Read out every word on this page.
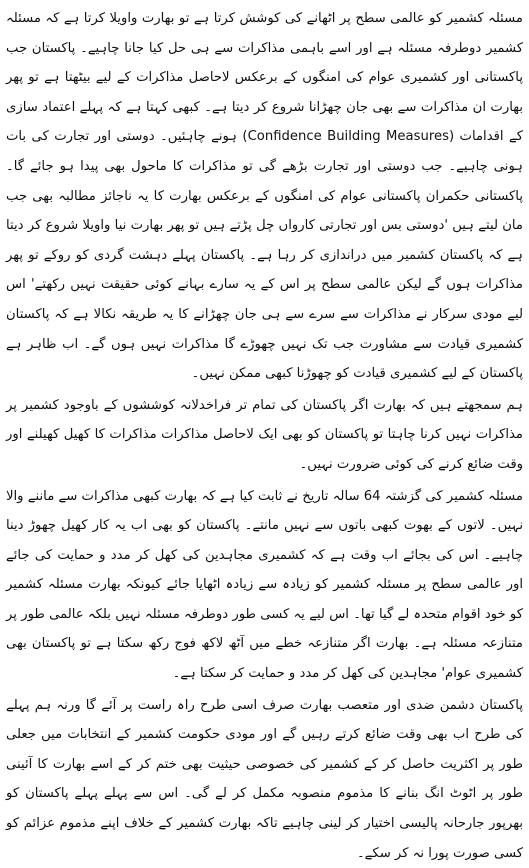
مسئلہ کشمیر کو عالمی سطح پر اٹھانے کی کوشش کرتا ہے تو بھارت واویلا کرتا ہے کہ مسئلہ کشمیر دوطرفہ مسئلہ ہے اور اسے باہمی مذاکرات سے ہی حل کیا جانا چاہیے۔ پاکستان جب پاکستانی اور کشمیری عوام کی امنگوں کے برعکس لاحاصل مذاکرات کے لیے بیٹھتا ہے تو پھر بھارت ان مذاکرات سے بھی جان چھڑانا شروع کر دیتا ہے۔ کبھی کہتا ہے کہ پہلے اعتماد سازی کے اقدامات (Confidence Building Measures) ہونے چاہئیں۔ دوستی اور تجارت کی بات ہونی چاہیے۔ جب دوستی اور تجارت بڑھے گی تو مذاکرات کا ماحول بھی پیدا ہو جائے گا۔ پاکستانی حکمران پاکستانی عوام کی امنگوں کے برعکس بھارت کا یہ ناجائز مطالبہ بھی جب مان لیتے ہیں 'دوستی بس اور تجارتی کارواں چل پڑتے ہیں تو پھر بھارت نیا واویلا شروع کر دیتا ہے کہ پاکستان کشمیر میں دراندازی کر رہا ہے۔ پاکستان پہلے دہشت گردی کو روکے تو پھر مذاکرات ہوں گے لیکن عالمی سطح پر اس کے یہ سارے بہانے کوئی حقیقت نہیں رکھتے' اس لیے مودی سرکار نے مذاکرات سے سرے سے ہی جان چھڑانے کا یہ طریقہ نکالا ہے کہ پاکستان کشمیری قیادت سے مشاورت جب تک نہیں چھوڑے گا مذاکرات نہیں ہوں گے۔ اب ظاہر ہے پاکستان کے لیے کشمیری قیادت کو چھوڑنا کبھی ممکن نہیں۔

ہم سمجھتے ہیں کہ بھارت اگر پاکستان کی تمام تر فراخدلانہ کوششوں کے باوجود کشمیر پر مذاکرات نہیں کرنا چاہتا تو پاکستان کو بھی ایک لاحاصل مذاکرات مذاکرات کا کھیل کھیلنے اور وقت ضائع کرنے کی کوئی ضرورت نہیں۔

مسئلہ کشمیر کی گزشتہ 64 سالہ تاریخ نے ثابت کیا ہے کہ بھارت کبھی مذاکرات سے ماننے والا نہیں۔ لاتوں کے بھوت کبھی باتوں سے نہیں مانتے۔ پاکستان کو بھی اب یہ کار کھیل چھوڑ دینا چاہیے۔ اس کی بجائے اب وقت ہے کہ کشمیری مجاہدین کی کھل کر مدد و حمایت کی جائے اور عالمی سطح پر مسئلہ کشمیر کو زیادہ سے زیادہ اٹھایا جائے کیونکہ بھارت مسئلہ کشمیر کو خود اقوام متحدہ لے گیا تھا۔ اس لیے یہ کسی طور دوطرفہ مسئلہ نہیں بلکہ عالمی طور پر متنازعہ مسئلہ ہے۔ بھارت اگر متنازعہ خطے میں آٹھ لاکھ فوج رکھ سکتا ہے تو پاکستان بھی کشمیری عوام' مجاہدین کی کھل کر مدد و حمایت کر سکتا ہے۔

پاکستان دشمن ضدی اور متعصب بھارت صرف اسی طرح راہ راست پر آئے گا ورنہ ہم پہلے کی طرح اب بھی وقت ضائع کرتے رہیں گے اور مودی حکومت کشمیر کے انتخابات میں جعلی طور پر اکثریت حاصل کر کے کشمیر کی خصوصی حیثیت بھی ختم کر کے اسے بھارت کا آئینی طور پر اٹوٹ انگ بنانے کا مذموم منصوبہ مکمل کر لے گی۔ اس سے پہلے پہلے پاکستان کو بھرپور جارحانہ پالیسی اختیار کر لینی چاہیے تاکہ بھارت کشمیر کے خلاف اپنے مذموم عزائم کو کسی صورت پورا نہ کر سکے۔
